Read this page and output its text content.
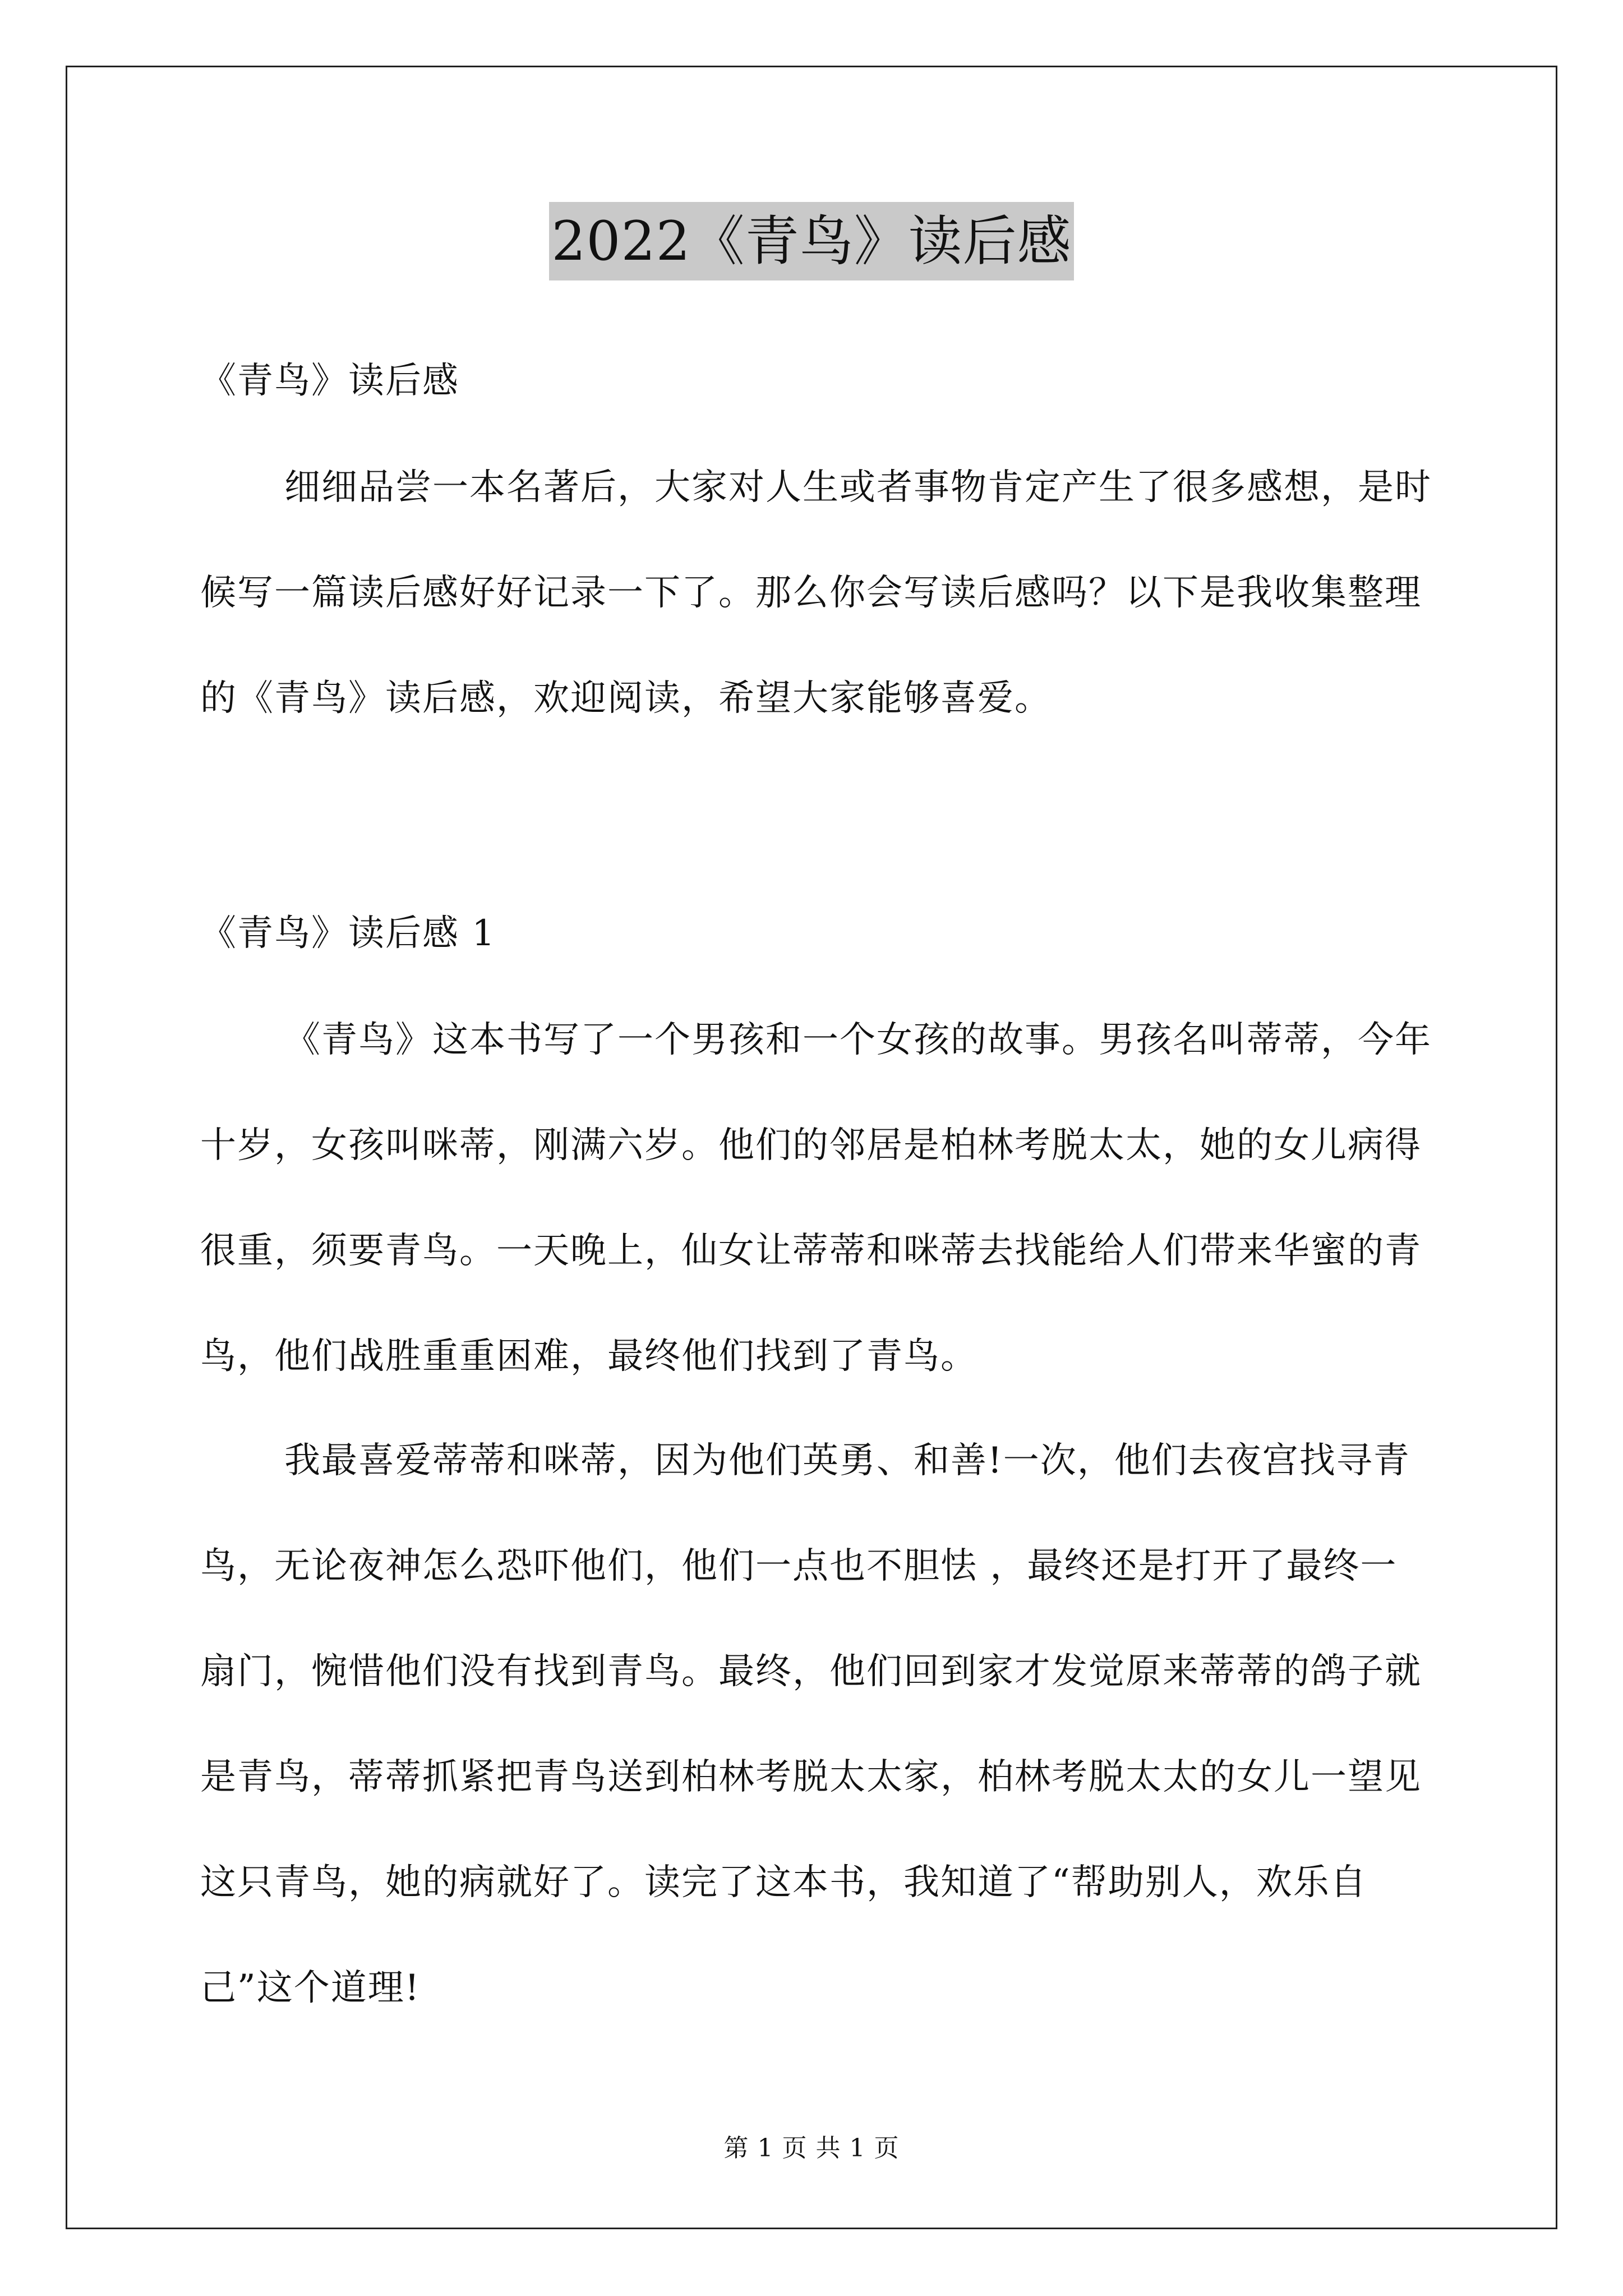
2022《青鸟》读后感
《青鸟》读后感
细细品尝一本名著后，大家对人生或者事物肯定产生了很多感想，是时候写一篇读后感好好记录一下了。那么你会写读后感吗？以下是我收集整理的《青鸟》读后感，欢迎阅读，希望大家能够喜爱。
《青鸟》读后感 1
《青鸟》这本书写了一个男孩和一个女孩的故事。男孩名叫蒂蒂，今年十岁，女孩叫咪蒂，刚满六岁。他们的邻居是柏林考脱太太，她的女儿病得很重，须要青鸟。一天晚上，仙女让蒂蒂和咪蒂去找能给人们带来华蜜的青鸟，他们战胜重重困难，最终他们找到了青鸟。
我最喜爱蒂蒂和咪蒂，因为他们英勇、和善!一次，他们去夜宫找寻青鸟，无论夜神怎么恐吓他们，他们一点也不胆怯 ，最终还是打开了最终一扇门，惋惜他们没有找到青鸟。最终，他们回到家才发觉原来蒂蒂的鸽子就是青鸟，蒂蒂抓紧把青鸟送到柏林考脱太太家，柏林考脱太太的女儿一望见这只青鸟，她的病就好了。读完了这本书，我知道了“帮助别人，欢乐自己”这个道理!
第 1 页 共 1 页
